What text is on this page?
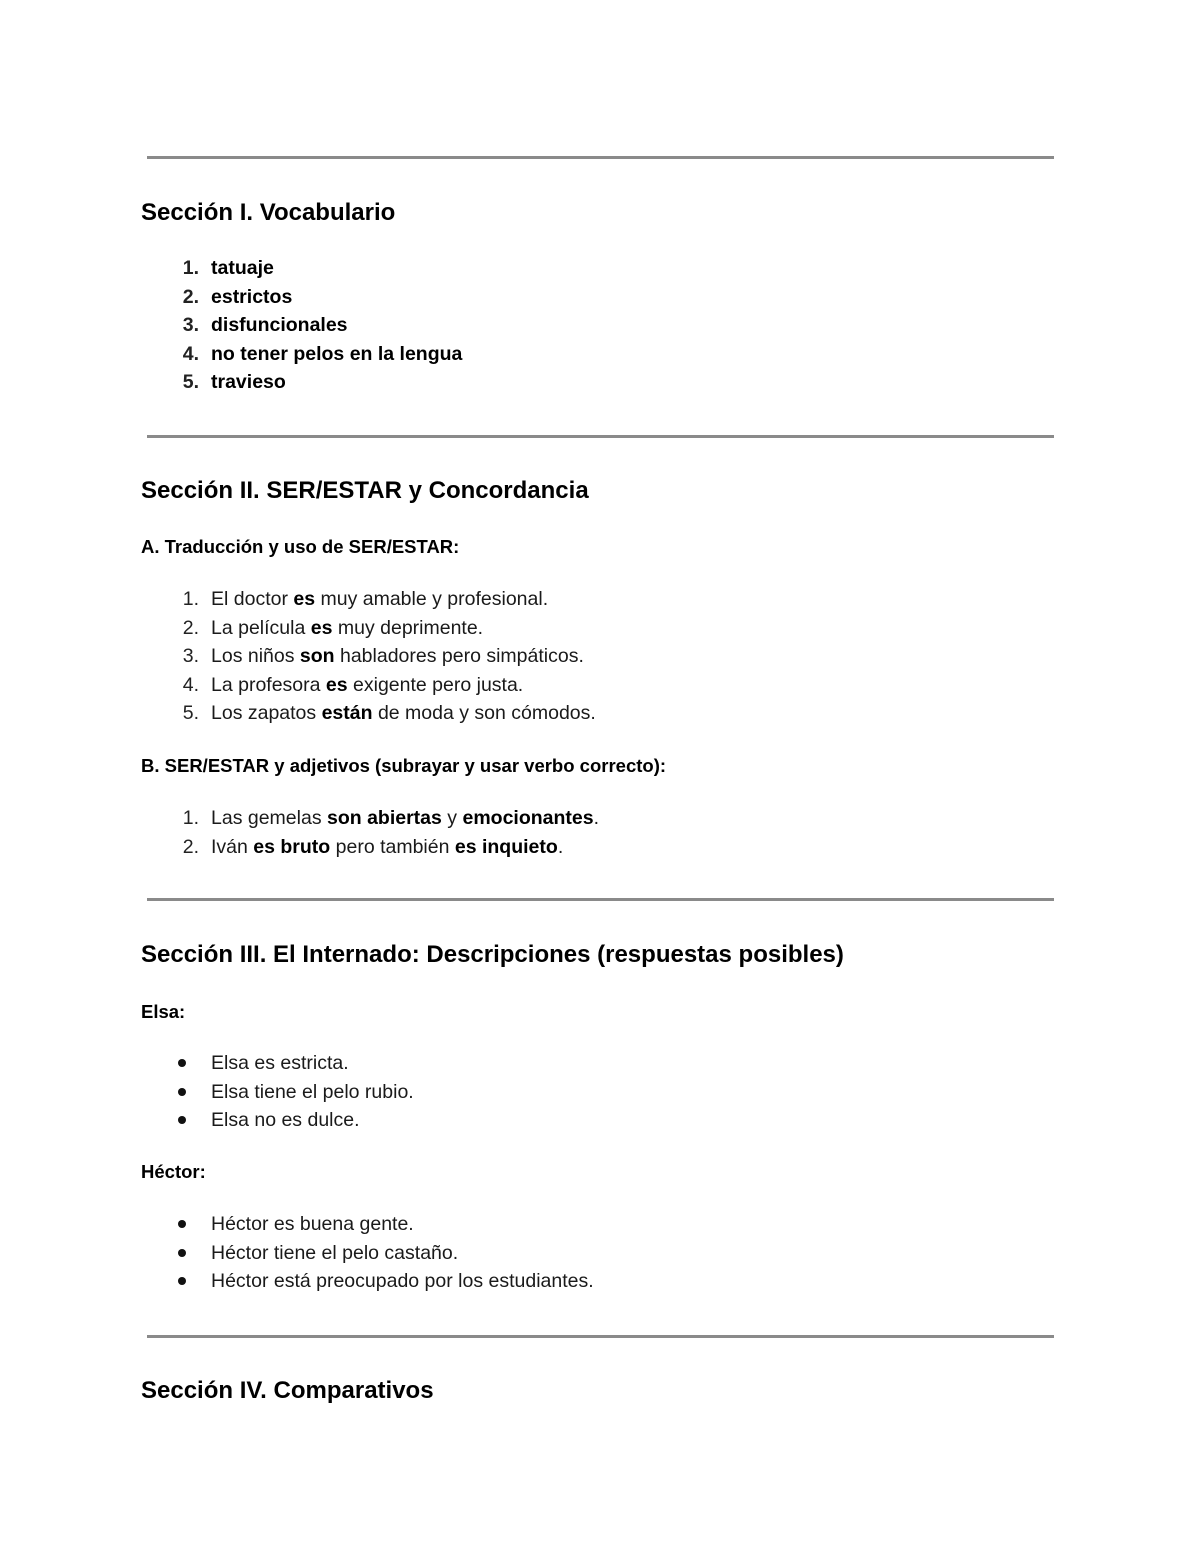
Sección I. Vocabulario
1. tatuaje
2. estrictos
3. disfuncionales
4. no tener pelos en la lengua
5. travieso
Sección II. SER/ESTAR y Concordancia
A. Traducción y uso de SER/ESTAR:
1. El doctor es muy amable y profesional.
2. La película es muy deprimente.
3. Los niños son habladores pero simpáticos.
4. La profesora es exigente pero justa.
5. Los zapatos están de moda y son cómodos.
B. SER/ESTAR y adjetivos (subrayar y usar verbo correcto):
1. Las gemelas son abiertas y emocionantes.
2. Iván es bruto pero también es inquieto.
Sección III. El Internado: Descripciones (respuestas posibles)
Elsa:
Elsa es estricta.
Elsa tiene el pelo rubio.
Elsa no es dulce.
Héctor:
Héctor es buena gente.
Héctor tiene el pelo castaño.
Héctor está preocupado por los estudiantes.
Sección IV. Comparativos
